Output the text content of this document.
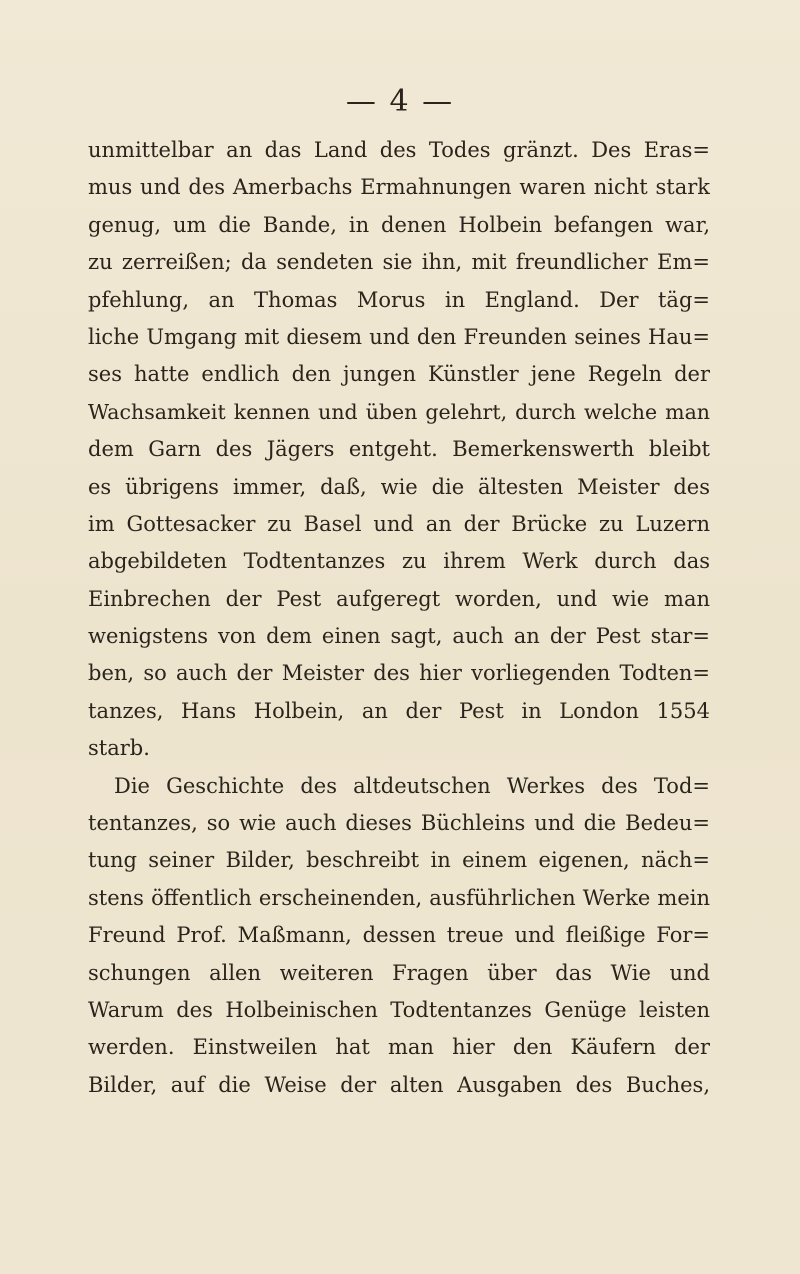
— 4 —
unmittelbar an das Land des Todes gränzt. Des Eras=
mus und des Amerbachs Ermahnungen waren nicht stark
genug, um die Bande, in denen Holbein befangen war,
zu zerreißen; da sendeten sie ihn, mit freundlicher Em=
pfehlung, an Thomas Morus in England. Der täg=
liche Umgang mit diesem und den Freunden seines Hau=
ses hatte endlich den jungen Künstler jene Regeln der
Wachsamkeit kennen und üben gelehrt, durch welche man
dem Garn des Jägers entgeht. Bemerkenswerth bleibt
es übrigens immer, daß, wie die ältesten Meister des
im Gottesacker zu Basel und an der Brücke zu Luzern
abgebildeten Todtentanzes zu ihrem Werk durch das
Einbrechen der Pest aufgeregt worden, und wie man
wenigstens von dem einen sagt, auch an der Pest star=
ben, so auch der Meister des hier vorliegenden Todten=
tanzes, Hans Holbein, an der Pest in London 1554
starb.
Die Geschichte des altdeutschen Werkes des Tod=
tentanzes, so wie auch dieses Büchleins und die Bedeu=
tung seiner Bilder, beschreibt in einem eigenen, näch=
stens öffentlich erscheinenden, ausführlichen Werke mein
Freund Prof. Maßmann, dessen treue und fleißige For=
schungen allen weiteren Fragen über das Wie und
Warum des Holbeinischen Todtentanzes Genüge leisten
werden. Einstweilen hat man hier den Käufern der
Bilder, auf die Weise der alten Ausgaben des Buches,
